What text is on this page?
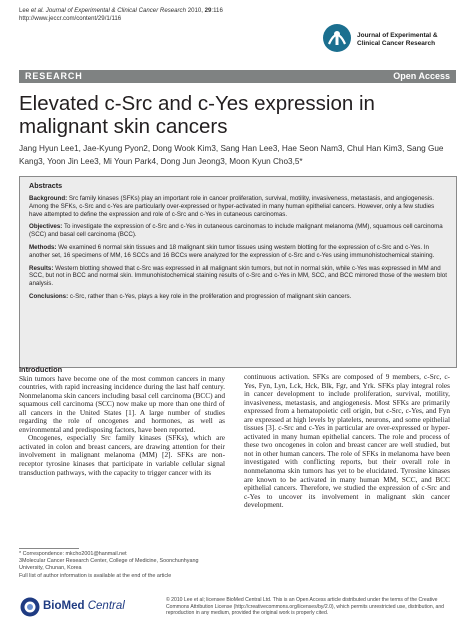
Lee et al. Journal of Experimental & Clinical Cancer Research 2010, 29:116
http://www.jeccr.com/content/29/1/116
Journal of Experimental &
Clinical Cancer Research
RESEARCH	Open Access
Elevated c-Src and c-Yes expression in malignant skin cancers
Jang Hyun Lee1, Jae-Kyung Pyon2, Dong Wook Kim3, Sang Han Lee3, Hae Seon Nam3, Chul Han Kim3, Sang Gue Kang3, Yoon Jin Lee3, Mi Youn Park4, Dong Jun Jeong3, Moon Kyun Cho3,5*
Abstracts

Background: Src family kinases (SFKs) play an important role in cancer proliferation, survival, motility, invasiveness, metastasis, and angiogenesis. Among the SFKs, c-Src and c-Yes are particularly over-expressed or hyper-activated in many human epithelial cancers. However, only a few studies have attempted to define the expression and role of c-Src and c-Yes in cutaneous carcinomas.

Objectives: To investigate the expression of c-Src and c-Yes in cutaneous carcinomas to include malignant melanoma (MM), squamous cell carcinoma (SCC) and basal cell carcinoma (BCC).

Methods: We examined 6 normal skin tissues and 18 malignant skin tumor tissues using western blotting for the expression of c-Src and c-Yes. In another set, 16 specimens of MM, 16 SCCs and 16 BCCs were analyzed for the expression of c-Src and c-Yes using immunohistochemical staining.

Results: Western blotting showed that c-Src was expressed in all malignant skin tumors, but not in normal skin, while c-Yes was expressed in MM and SCC, but not in BCC and normal skin. Immunohistochemical staining results of c-Src and c-Yes in MM, SCC, and BCC mirrored those of the western blot analysis.

Conclusions: c-Src, rather than c-Yes, plays a key role in the proliferation and progression of malignant skin cancers.

Introduction

Skin tumors have become one of the most common cancers in many countries, with rapid increasing incidence during the last half century. Nonmelanoma skin cancers including basal cell carcinoma (BCC) and squamous cell carcinoma (SCC) now make up more than one third of all cancers in the United States [1]. A large number of studies regarding the role of oncogenes and hormones, as well as environmental and predisposing factors, have been reported.

Oncogenes, especially Src family kinases (SFKs), which are activated in colon and breast cancers, are drawing attention for their involvement in malignant melanoma (MM) [2]. SFKs are non-receptor tyrosine kinases that participate in variable cellular signal transduction pathways, with the capacity to trigger cancer with its

continuous activation. SFKs are composed of 9 members, c-Src, c-Yes, Fyn, Lyn, Lck, Hck, Blk, Fgr, and Yrk. SFKs play integral roles in cancer development to include proliferation, survival, motility, invasiveness, metastasis, and angiogenesis. Most SFKs are primarily expressed from a hematopoietic cell origin, but c-Src, c-Yes, and Fyn are expressed at high levels by platelets, neurons, and some epithelial tissues [3]. c-Src and c-Yes in particular are over-expressed or hyper-activated in many human epithelial cancers. The role and process of these two oncogenes in colon and breast cancer are well studied, but not in other human cancers. The role of SFKs in melanoma have been investigated with conflicting reports, but their overall role in nonmelanoma skin tumors has yet to be elucidated. Tyrosine kinases are known to be activated in many human MM, SCC, and BCC epithelial cancers. Therefore, we studied the expression of c-Src and c-Yes to uncover its involvement in malignant skin cancer development.

* Correspondence: mkcho2001@hanmail.net
3Molecular Cancer Research Center, College of Medicine, Soonchunhyang
University, Chunan, Korea
Full list of author information is available at the end of the article
BioMed Central	© 2010 Lee et al; licensee BioMed Central Ltd. This is an Open Access article distributed under the terms of the Creative Commons Attribution License (http://creativecommons.org/licenses/by/2.0), which permits unrestricted use, distribution, and reproduction in any medium, provided the original work is properly cited.
